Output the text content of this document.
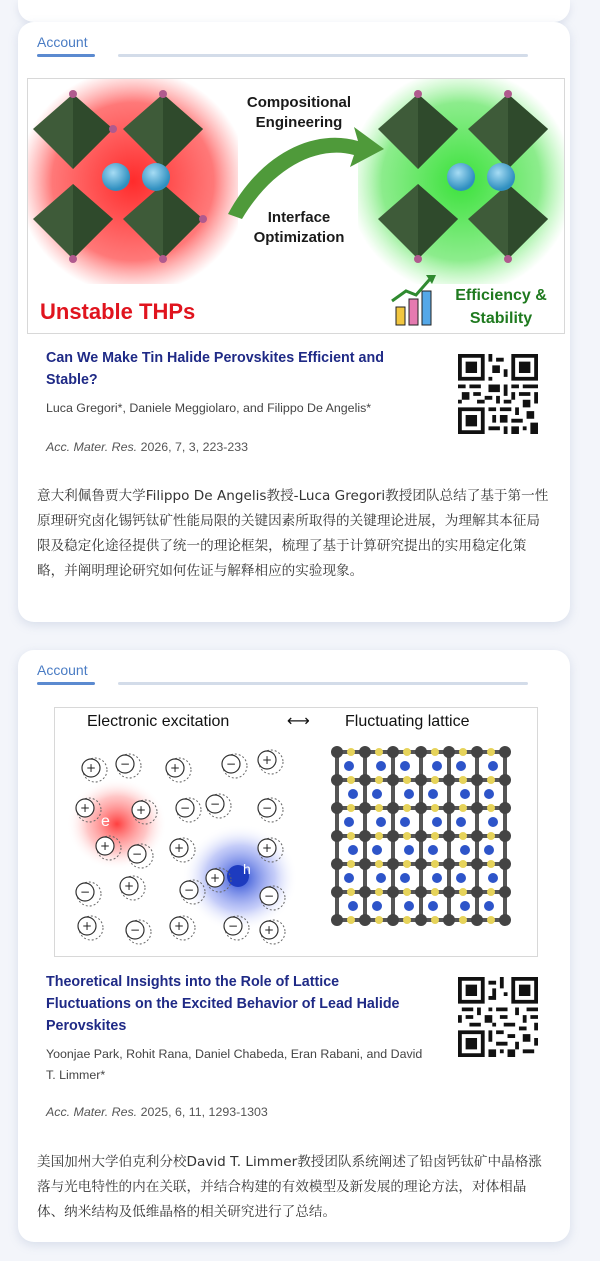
Account
Compositional Engineering
Interface Optimization
Unstable THPs
Efficiency & Stability
Can We Make Tin Halide Perovskites Efficient and Stable?
Luca Gregori*, Daniele Meggiolaro, and Filippo De Angelis*
Acc. Mater. Res. 2026, 7, 3, 223-233
意大利佩鲁贾大学Filippo De Angelis教授-Luca Gregori教授团队总结了基于第一性原理研究卤化锡钙钛矿性能局限的关键因素所取得的关键理论进展，为理解其本征局限及稳定化途径提供了统一的理论框架，梳理了基于计算研究提出的实用稳定化策略，并阐明理论研究如何佐证与解释相应的实验现象。
Account
Electronic excitation	⟷ Fluctuating lattice
e
h
+ −	+	− +
+	+	− −	−
+
−	+	+
−	+	−
+
−
+	−	+	− +
Theoretical Insights into the Role of Lattice Fluctuations on the Excited Behavior of Lead Halide Perovskites
Yoonjae Park, Rohit Rana, Daniel Chabeda, Eran Rabani, and David T. Limmer*
Acc. Mater. Res. 2025, 6, 11, 1293-1303
美国加州大学伯克利分校David T. Limmer教授团队系统阐述了铅卤钙钛矿中晶格涨落与光电特性的内在关联，并结合构建的有效模型及新发展的理论方法，对体相晶体、纳米结构及低维晶格的相关研究进行了总结。
